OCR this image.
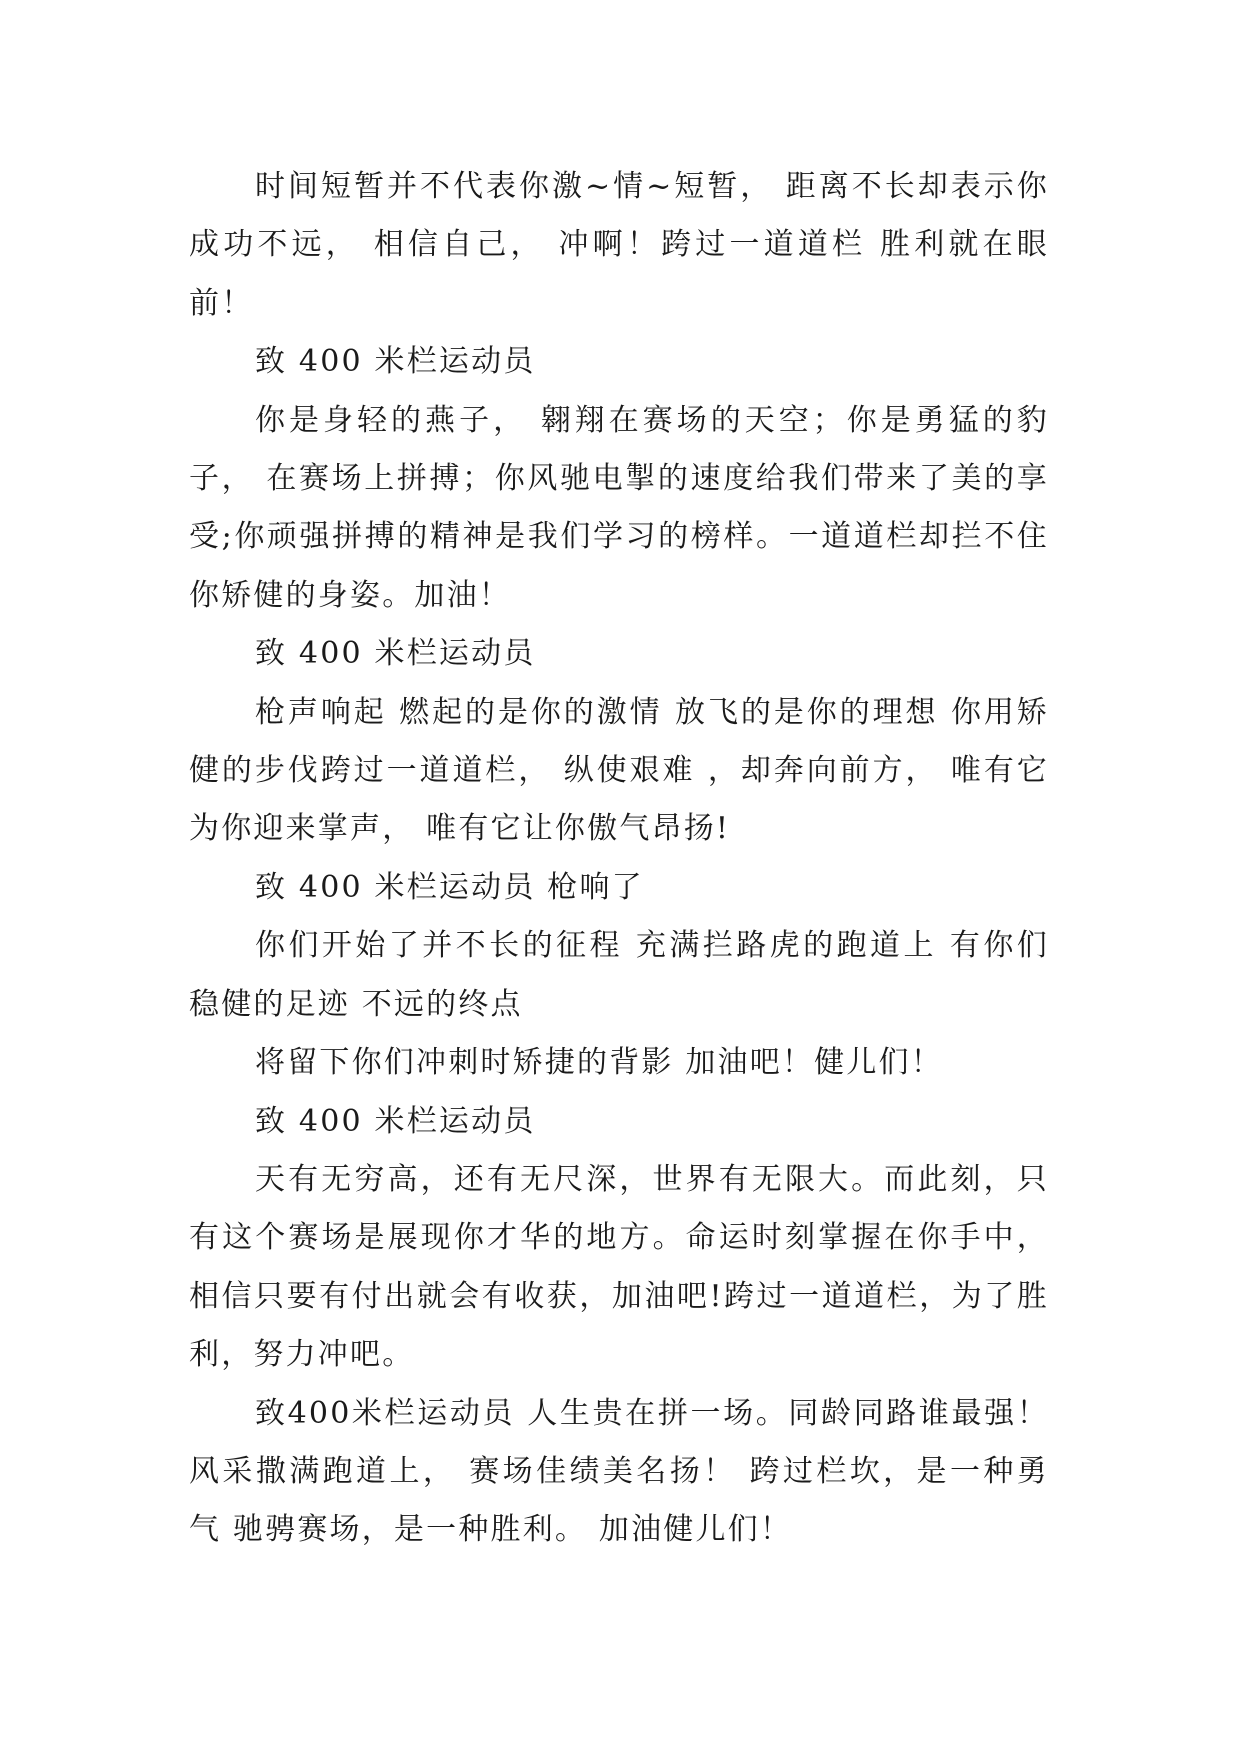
时间短暂并不代表你激~情~短暂， 距离不长却表示你成功不远， 相信自己， 冲啊！跨过一道道栏 胜利就在眼前！

致 400 米栏运动员

你是身轻的燕子， 翱翔在赛场的天空；你是勇猛的豹子， 在赛场上拼搏；你风驰电掣的速度给我们带来了美的享受;你顽强拼搏的精神是我们学习的榜样。一道道栏却拦不住你矫健的身姿。加油！

致 400 米栏运动员

枪声响起 燃起的是你的激情 放飞的是你的理想 你用矫健的步伐跨过一道道栏， 纵使艰难 ，却奔向前方， 唯有它为你迎来掌声， 唯有它让你傲气昂扬!

致 400 米栏运动员 枪响了

你们开始了并不长的征程 充满拦路虎的跑道上 有你们稳健的足迹 不远的终点

将留下你们冲刺时矫捷的背影 加油吧！健儿们！

致 400 米栏运动员

天有无穷高，还有无尺深，世界有无限大。而此刻，只有这个赛场是展现你才华的地方。命运时刻掌握在你手中，相信只要有付出就会有收获，加油吧!跨过一道道栏，为了胜利，努力冲吧。

致400米栏运动员 人生贵在拼一场。同龄同路谁最强！风采撒满跑道上， 赛场佳绩美名扬！ 跨过栏坎，是一种勇气 驰骋赛场，是一种胜利。 加油健儿们！
